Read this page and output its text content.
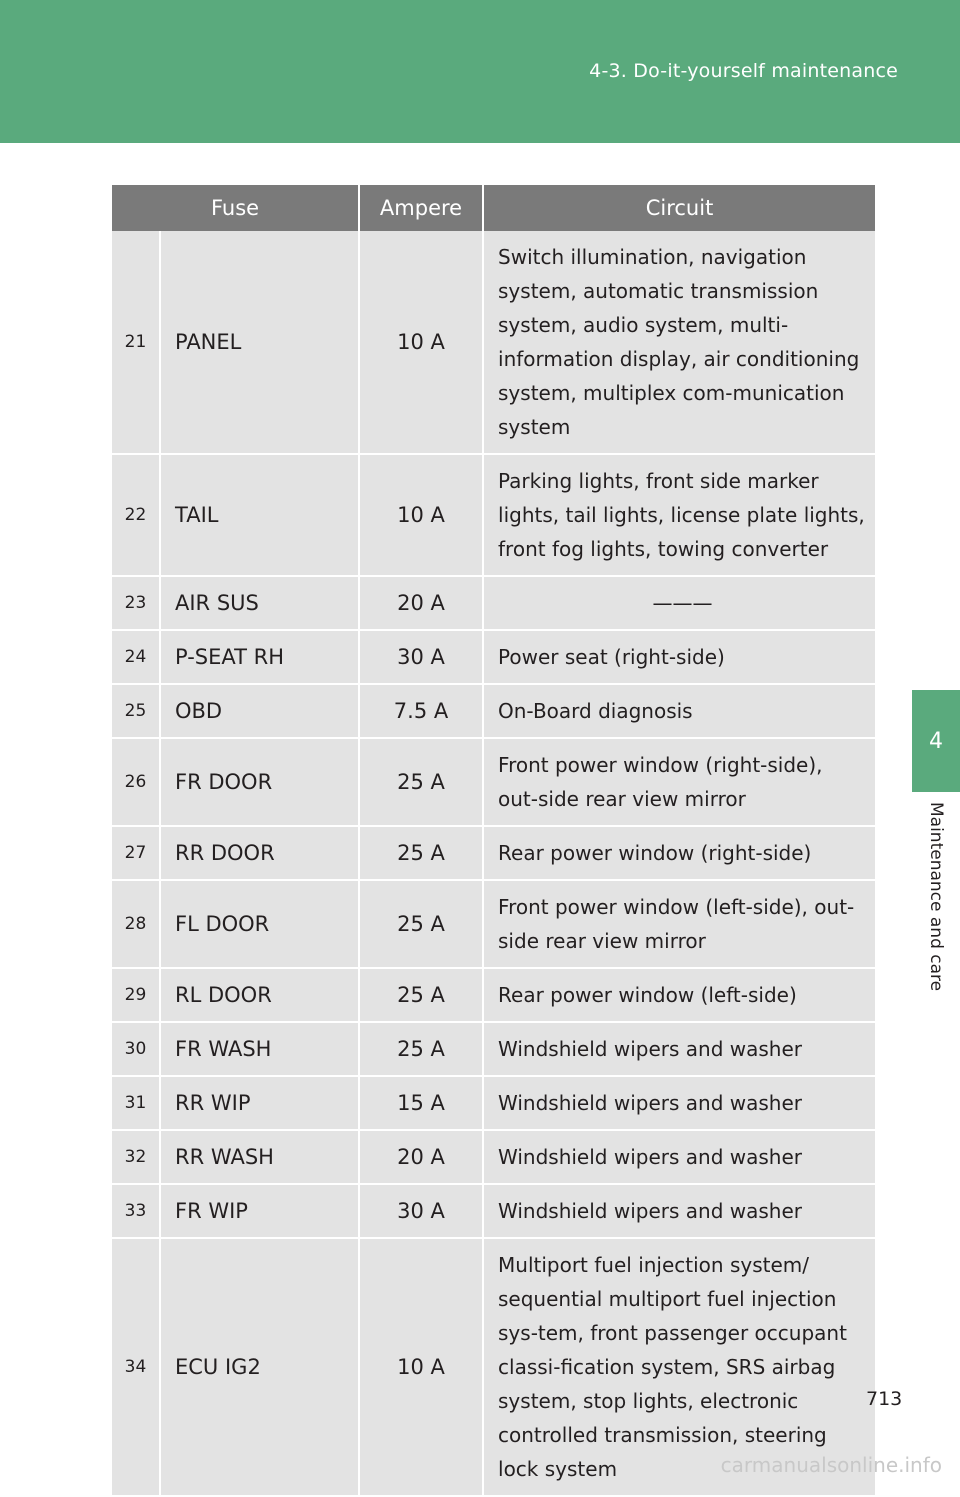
4-3. Do-it-yourself maintenance
4
Maintenance and care
Fuse		Ampere	Circuit
21	PANEL	10 A	Switch illumination, navigation system, automatic transmission system, audio system, multi-information display, air conditioning system, multiplex com-munication system
22	TAIL	10 A	Parking lights, front side marker lights, tail lights, license plate lights, front fog lights, towing converter
23	AIR SUS	20 A	———
24	P-SEAT RH	30 A	Power seat (right-side)
25	OBD	7.5 A	On-Board diagnosis
26	FR DOOR	25 A	Front power window (right-side), out-side rear view mirror
27	RR DOOR	25 A	Rear power window (right-side)
28	FL DOOR	25 A	Front power window (left-side), out-side rear view mirror
29	RL DOOR	25 A	Rear power window (left-side)
30	FR WASH	25 A	Windshield wipers and washer
31	RR WIP	15 A	Windshield wipers and washer
32	RR WASH	20 A	Windshield wipers and washer
33	FR WIP	30 A	Windshield wipers and washer
34	ECU IG2	10 A	Multiport fuel injection system/ sequential multiport fuel injection sys-tem, front passenger occupant classi-fication system, SRS airbag system, stop lights, electronic controlled transmission, steering lock system
713
carmanualsonline.info
